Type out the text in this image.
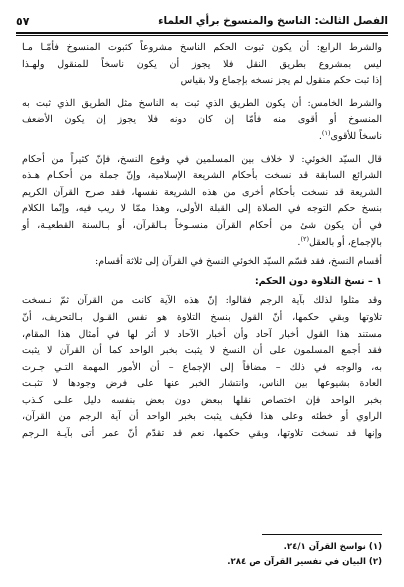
الفصل الثالث: الناسخ والمنسوخ برأي العلماء
٥٧

والشرط الرابع: أن يكون ثبوت الحكم الناسخ مشروعاً كثبوت المنسوخ فأمّـا مـا
ليس بمشروع بطريق النقل فلا يجوز أن يكون ناسخاً للمنقول ولهـذا
إذا ثبت حكم منقول لم يجز نسخه بإجماع ولا بقياس

والشرط الخامس: أن يكون الطريق الذي ثبت به الناسخ مثل الطريق الذي ثبت به
المنسوخ أو أقوى منه فأمّا إن كان دونه فلا يجوز إن يكون الأضعف
ناسخاً للأقوى$^{(١)}$.

قال السيّد الخوئي: لا خلاف بين المسلمين في وقوع النسخ، فإنّ كثيراً من أحكام
الشرائع السابقة قد نسخت بأحكام الشريعة الإسلامية، وإنّ جملة من أحكـام هـذه
الشريعة قد نسخت بأحكام أخرى من هذه الشريعة نفسها، فقد صرح القرآن الكريم
بنسخ حكم التوجه في الصلاة إلى القبلة الأولى، وهذا ممّا لا ريب فيه، وإنّما الكلام
في أن يكون شئ من أحكام القرآن منسـوخاً بـالقرآن، أو بـالسنة القطعيـة، أو
بالإجماع، أو بالعقل$^{(٢)}$.

أقسام النسخ، فقد قسّم السيّد الخوئي النسخ في القرآن إلى ثلاثة أقسام:

١ – نسخ التلاوة دون الحكم:

وقد مثلوا لذلك بآية الرجم فقالوا: إنّ هذه الآية كانت من القرآن ثمّ نـسخت
تلاوتها وبقي حكمها، أنّ القول بنسخ التلاوة هو نفس القـول بـالتحريف، أنّ
مستند هذا القول أخبار آحاد وأن أخبار الآحاد لا أثر لها في أمثال هذا المقام،
فقد أجمع المسلمون على أن النسخ لا يثبت بخبر الواحد كما أن القرآن لا يثبت
به، والوجه في ذلك – مضافاً إلى الإجماع – أن الأمور المهمة التـي جـرت
العادة بشيوعها بين الناس، وانتشار الخبر عنها على فرض وجودها لا تثبـت
بخبر الواحد فإن اختصاص نقلها ببعض دون بعض بنفسه دليل علـى كـذب
الراوي أو خطئه وعلى هذا فكيف يثبت بخبر الواحد أن آية الرجم من القرآن،
وإنها قد نسخت تلاوتها، وبقي حكمها، نعم قد تقدّم أنّ عمر أتى بآيـة الـرجم

(١) نواسخ القرآن ٢٤/١.
(٢) البيان في تفسير القرآن ص ٢٨٤.
